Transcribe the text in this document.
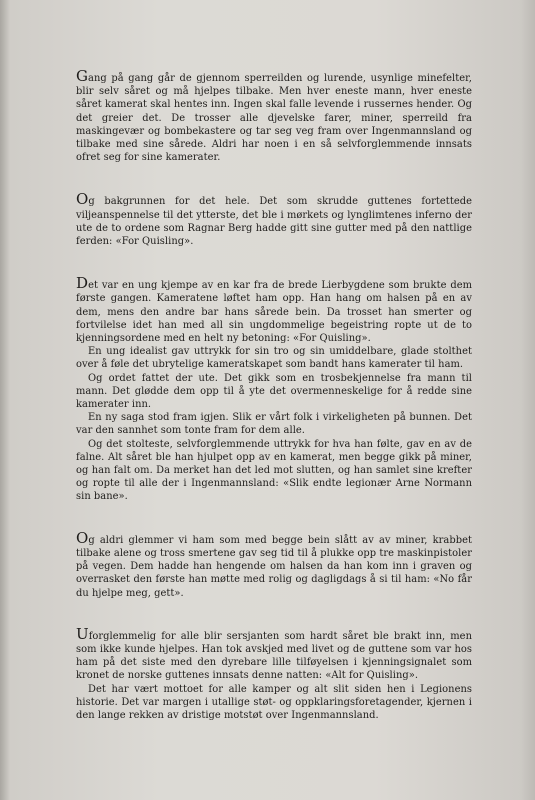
Gang på gang går de gjennom sperreilden og lurende, usynlige minefelter, blir selv såret og må hjelpes tilbake. Men hver eneste mann, hver eneste såret kamerat skal hentes inn. Ingen skal falle levende i russernes hender. Og det greier det. De trosser alle djevelske farer, miner, sperreild fra maskingevær og bombekastere og tar seg veg fram over Ingenmannsland og tilbake med sine sårede. Aldri har noen i en så selvforglemmende innsats ofret seg for sine kamerater.

Og bakgrunnen for det hele. Det som skrudde guttenes fortettede viljeanspennelse til det ytterste, det ble i mørkets og lynglimtenes inferno der ute de to ordene som Ragnar Berg hadde gitt sine gutter med på den nattlige ferden: «For Quisling».

Det var en ung kjempe av en kar fra de brede Lierbygdene som brukte dem første gangen. Kameratene løftet ham opp. Han hang om halsen på en av dem, mens den andre bar hans sårede bein. Da trosset han smerter og fortvilelse idet han med all sin ungdommelige begeistring ropte ut de to kjenningsordene med en helt ny betoning: «For Quisling».

En ung idealist gav uttrykk for sin tro og sin umiddelbare, glade stolthet over å føle det ubrytelige kameratskapet som bandt hans kamerater til ham.

Og ordet fattet der ute. Det gikk som en trosbekjennelse fra mann til mann. Det glødde dem opp til å yte det overmenneskelige for å redde sine kamerater inn.

En ny saga stod fram igjen. Slik er vårt folk i virkeligheten på bunnen. Det var den sannhet som tonte fram for dem alle.

Og det stolteste, selvforglemmende uttrykk for hva han følte, gav en av de falne. Alt såret ble han hjulpet opp av en kamerat, men begge gikk på miner, og han falt om. Da merket han det led mot slutten, og han samlet sine krefter og ropte til alle der i Ingenmannsland: «Slik endte legionær Arne Normann sin bane».

Og aldri glemmer vi ham som med begge bein slått av av miner, krabbet tilbake alene og tross smertene gav seg tid til å plukke opp tre maskinpistoler på vegen. Dem hadde han hengende om halsen da han kom inn i graven og overrasket den første han møtte med rolig og dagligdags å si til ham: «No får du hjelpe meg, gett».

Uforglemmelig for alle blir sersjanten som hardt såret ble brakt inn, men som ikke kunde hjelpes. Han tok avskjed med livet og de guttene som var hos ham på det siste med den dyrebare lille tilføyelsen i kjenningsignalet som kronet de norske guttenes innsats denne natten: «Alt for Quisling».

Det har vært mottoet for alle kamper og alt slit siden hen i Legionens historie. Det var margen i utallige støt- og oppklaringsforetagender, kjernen i den lange rekken av dristige motstøt over Ingenmannsland.
